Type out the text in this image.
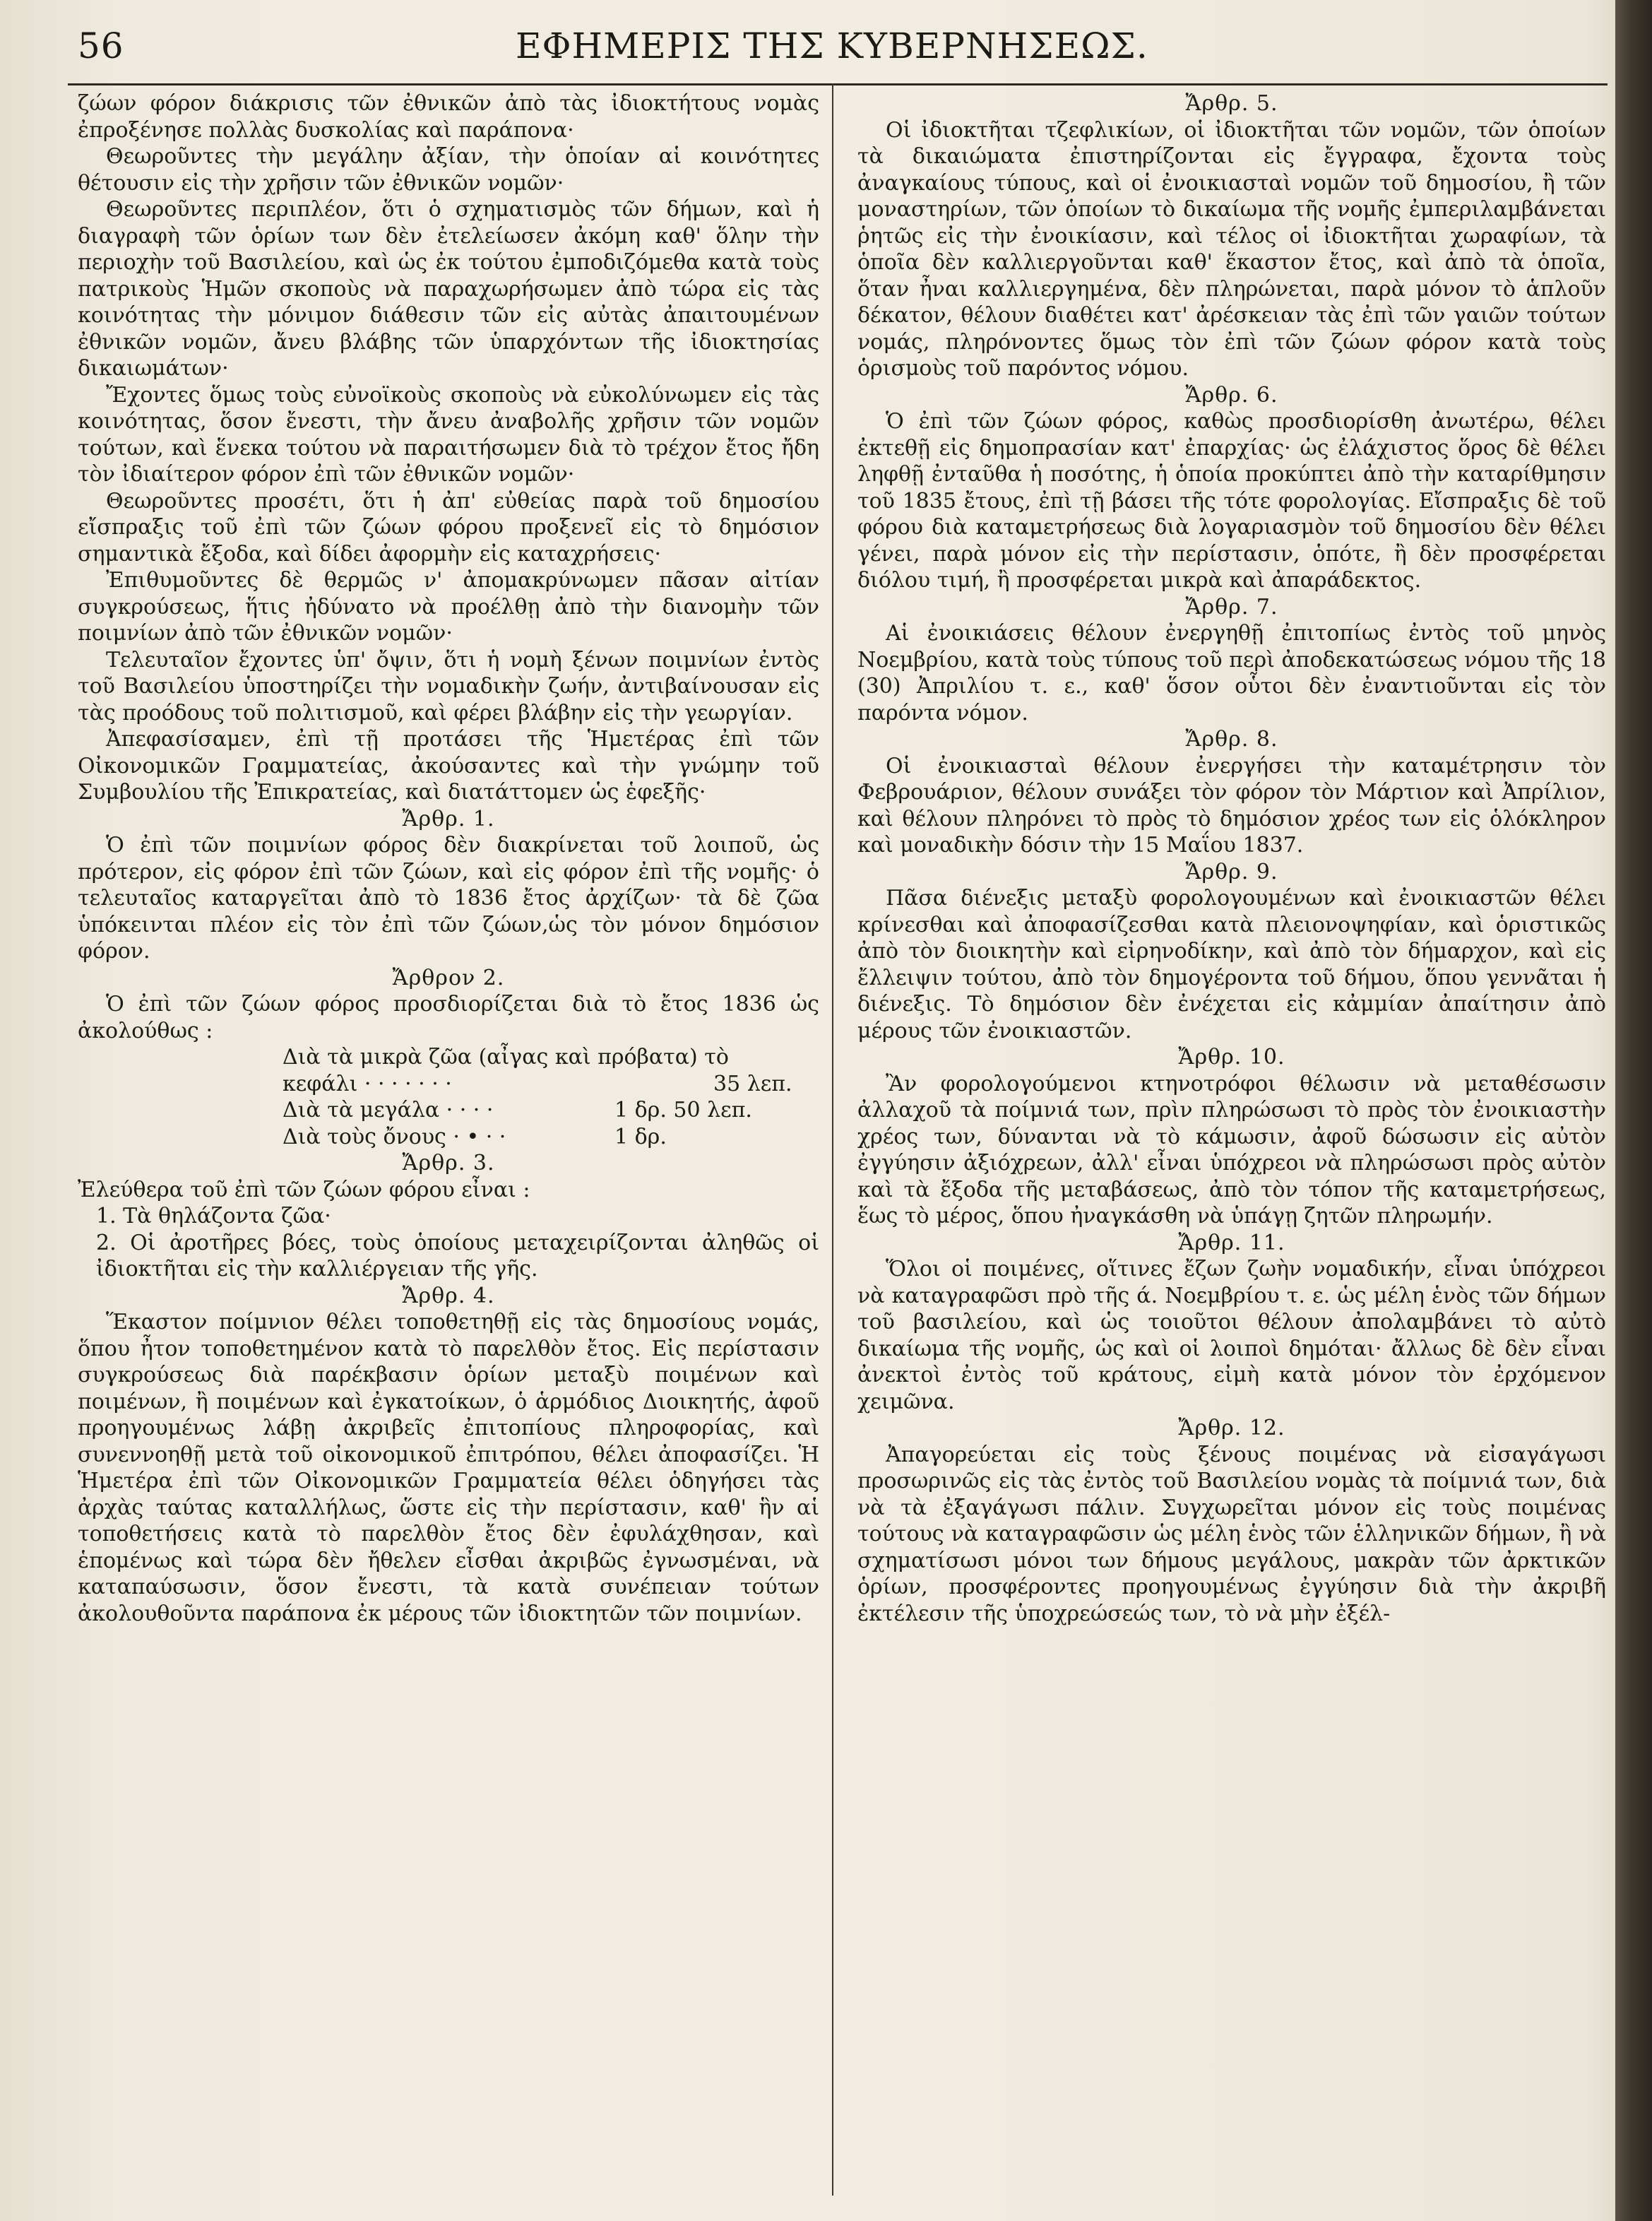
56	ΕΦΗΜΕΡΙΣ ΤΗΣ ΚΥΒΕΡΝΗΣΕΩΣ.

ζώων φόρον διάκρισις τῶν ἐθνικῶν ἀπὸ τὰς ἰδιοκτήτους νομὰς ἐπροξένησε πολλὰς δυσκολίας καὶ παράπονα·

Θεωροῦντες τὴν μεγάλην ἀξίαν, τὴν ὁποίαν αἱ κοινότητες θέτουσιν εἰς τὴν χρῆσιν τῶν ἐθνικῶν νομῶν·

Θεωροῦντες περιπλέον, ὅτι ὁ σχηματισμὸς τῶν δήμων, καὶ ἡ διαγραφὴ τῶν ὁρίων των δὲν ἐτελείωσεν ἀκόμη καθ' ὅλην τὴν περιοχὴν τοῦ Βασιλείου, καὶ ὡς ἐκ τούτου ἐμποδιζόμεθα κατὰ τοὺς πατρικοὺς Ἡμῶν σκοποὺς νὰ παραχωρήσωμεν ἀπὸ τώρα εἰς τὰς κοινότητας τὴν μόνιμον διάθεσιν τῶν εἰς αὐτὰς ἀπαιτουμένων ἐθνικῶν νομῶν, ἄνευ βλάβης τῶν ὑπαρχόντων τῆς ἰδιοκτησίας δικαιωμάτων·

Ἔχοντες ὅμως τοὺς εὐνοϊκοὺς σκοποὺς νὰ εὐκολύνωμεν εἰς τὰς κοινότητας, ὅσον ἔνεστι, τὴν ἄνευ ἀναβολῆς χρῆσιν τῶν νομῶν τούτων, καὶ ἕνεκα τούτου νὰ παραιτήσωμεν διὰ τὸ τρέχον ἔτος ἤδη τὸν ἰδιαίτερον φόρον ἐπὶ τῶν ἐθνικῶν νομῶν·

Θεωροῦντες προσέτι, ὅτι ἡ ἀπ' εὐθείας παρὰ τοῦ δημοσίου εἴσπραξις τοῦ ἐπὶ τῶν ζώων φόρου προξενεῖ εἰς τὸ δημόσιον σημαντικὰ ἔξοδα, καὶ δίδει ἀφορμὴν εἰς καταχρήσεις·

Ἐπιθυμοῦντες δὲ θερμῶς ν' ἀπομακρύνωμεν πᾶσαν αἰτίαν συγκρούσεως, ἥτις ἠδύνατο νὰ προέλθῃ ἀπὸ τὴν διανομὴν τῶν ποιμνίων ἀπὸ τῶν ἐθνικῶν νομῶν·

Τελευταῖον ἔχοντες ὑπ' ὄψιν, ὅτι ἡ νομὴ ξένων ποιμνίων ἐντὸς τοῦ Βασιλείου ὑποστηρίζει τὴν νομαδικὴν ζωήν, ἀντιβαίνουσαν εἰς τὰς προόδους τοῦ πολιτισμοῦ, καὶ φέρει βλάβην εἰς τὴν γεωργίαν.

Ἀπεφασίσαμεν, ἐπὶ τῇ προτάσει τῆς Ἡμετέρας ἐπὶ τῶν Οἰκονομικῶν Γραμματείας, ἀκούσαντες καὶ τὴν γνώμην τοῦ Συμβουλίου τῆς Ἐπικρατείας, καὶ διατάττομεν ὡς ἑφεξῆς·

Ἄρθρ. 1.

Ὁ ἐπὶ τῶν ποιμνίων φόρος δὲν διακρίνεται τοῦ λοιποῦ, ὡς πρότερον, εἰς φόρον ἐπὶ τῶν ζώων, καὶ εἰς φόρον ἐπὶ τῆς νομῆς· ὁ τελευταῖος καταργεῖται ἀπὸ τὸ 1836 ἔτος ἀρχίζων· τὰ δὲ ζῶα ὑπόκεινται πλέον εἰς τὸν ἐπὶ τῶν ζώων,ὡς τὸν μόνον δημόσιον φόρον.

Ἄρθρον 2.

Ὁ ἐπὶ τῶν ζώων φόρος προσδιορίζεται διὰ τὸ ἔτος 1836 ὡς ἀκολούθως :

Διὰ τὰ μικρὰ ζῶα (αἶγας καὶ πρόβατα) τὸ
κεφάλι · · · · · · ·	35 λεπ.
Διὰ τὰ μεγάλα · · · ·	1 δρ. 50 λεπ.
Διὰ τοὺς ὄνους · • · ·	1 δρ.

Ἄρθρ. 3.

Ἐλεύθερα τοῦ ἐπὶ τῶν ζώων φόρου εἶναι :

1. Τὰ θηλάζοντα ζῶα·

2. Οἱ ἀροτῆρες βόες, τοὺς ὁποίους μεταχειρίζονται ἀληθῶς οἱ ἰδιοκτῆται εἰς τὴν καλλιέργειαν τῆς γῆς.

Ἄρθρ. 4.

Ἕκαστον ποίμνιον θέλει τοποθετηθῇ εἰς τὰς δημοσίους νομάς, ὅπου ἦτον τοποθετημένον κατὰ τὸ παρελθὸν ἔτος. Εἰς περίστασιν συγκρούσεως διὰ παρέκβασιν ὁρίων μεταξὺ ποιμένων καὶ ποιμένων, ἢ ποιμένων καὶ ἐγκατοίκων, ὁ ἁρμόδιος Διοικητής, ἀφοῦ προηγουμένως λάβῃ ἀκριβεῖς ἐπιτοπίους πληροφορίας, καὶ συνεννοηθῇ μετὰ τοῦ οἰκονομικοῦ ἐπιτρόπου, θέλει ἀποφασίζει. Ἡ Ἡμετέρα ἐπὶ τῶν Οἰκονομικῶν Γραμματεία θέλει ὁδηγήσει τὰς ἀρχὰς ταύτας καταλλήλως, ὥστε εἰς τὴν περίστασιν, καθ' ἣν αἱ τοποθετήσεις κατὰ τὸ παρελθὸν ἔτος δὲν ἐφυλάχθησαν, καὶ ἑπομένως καὶ τώρα δὲν ἤθελεν εἶσθαι ἀκριβῶς ἐγνωσμέναι, νὰ καταπαύσωσιν, ὅσον ἔνεστι, τὰ κατὰ συνέπειαν τούτων ἀκολουθοῦντα παράπονα ἐκ μέρους τῶν ἰδιοκτητῶν τῶν ποιμνίων.

Ἄρθρ. 5.

Οἱ ἰδιοκτῆται τζεφλικίων, οἱ ἰδιοκτῆται τῶν νομῶν, τῶν ὁποίων τὰ δικαιώματα ἐπιστηρίζονται εἰς ἔγγραφα, ἔχοντα τοὺς ἀναγκαίους τύπους, καὶ οἱ ἐνοικιασταὶ νομῶν τοῦ δημοσίου, ἢ τῶν μοναστηρίων, τῶν ὁποίων τὸ δικαίωμα τῆς νομῆς ἐμπεριλαμβάνεται ῥητῶς εἰς τὴν ἐνοικίασιν, καὶ τέλος οἱ ἰδιοκτῆται χωραφίων, τὰ ὁποῖα δὲν καλλιεργοῦνται καθ' ἕκαστον ἔτος, καὶ ἀπὸ τὰ ὁποῖα, ὅταν ἦναι καλλιεργημένα, δὲν πληρώνεται, παρὰ μόνον τὸ ἁπλοῦν δέκατον, θέλουν διαθέτει κατ' ἀρέσκειαν τὰς ἐπὶ τῶν γαιῶν τούτων νομάς, πληρόνοντες ὅμως τὸν ἐπὶ τῶν ζώων φόρον κατὰ τοὺς ὁρισμοὺς τοῦ παρόντος νόμου.

Ἄρθρ. 6.

Ὁ ἐπὶ τῶν ζώων φόρος, καθὼς προσδιορίσθη ἀνωτέρω, θέλει ἐκτεθῇ εἰς δημοπρασίαν κατ' ἐπαρχίας· ὡς ἐλάχιστος ὅρος δὲ θέλει ληφθῇ ἐνταῦθα ἡ ποσότης, ἡ ὁποία προκύπτει ἀπὸ τὴν καταρίθμησιν τοῦ 1835 ἔτους, ἐπὶ τῇ βάσει τῆς τότε φορολογίας. Εἴσπραξις δὲ τοῦ φόρου διὰ καταμετρήσεως διὰ λογαριασμὸν τοῦ δημοσίου δὲν θέλει γένει, παρὰ μόνον εἰς τὴν περίστασιν, ὁπότε, ἢ δὲν προσφέρεται διόλου τιμή, ἢ προσφέρεται μικρὰ καὶ ἀπαράδεκτος.

Ἄρθρ. 7.

Αἱ ἐνοικιάσεις θέλουν ἐνεργηθῇ ἐπιτοπίως ἐντὸς τοῦ μηνὸς Νοεμβρίου, κατὰ τοὺς τύπους τοῦ περὶ ἀποδεκατώσεως νόμου τῆς 18 (30) Ἀπριλίου τ. ε., καθ' ὅσον οὗτοι δὲν ἐναντιοῦνται εἰς τὸν παρόντα νόμον.

Ἄρθρ. 8.

Οἱ ἐνοικιασταὶ θέλουν ἐνεργήσει τὴν καταμέτρησιν τὸν Φεβρουάριον, θέλουν συνάξει τὸν φόρον τὸν Μάρτιον καὶ Ἀπρίλιον, καὶ θέλουν πληρόνει τὸ πρὸς τὸ δημόσιον χρέος των εἰς ὁλόκληρον καὶ μοναδικὴν δόσιν τὴν 15 Μαΐου 1837.

Ἄρθρ. 9.

Πᾶσα διένεξις μεταξὺ φορολογουμένων καὶ ἐνοικιαστῶν θέλει κρίνεσθαι καὶ ἀποφασίζεσθαι κατὰ πλειονοψηφίαν, καὶ ὁριστικῶς ἀπὸ τὸν διοικητὴν καὶ εἰρηνοδίκην, καὶ ἀπὸ τὸν δήμαρχον, καὶ εἰς ἔλλειψιν τούτου, ἀπὸ τὸν δημογέροντα τοῦ δήμου, ὅπου γεννᾶται ἡ διένεξις. Τὸ δημόσιον δὲν ἐνέχεται εἰς κἀμμίαν ἀπαίτησιν ἀπὸ μέρους τῶν ἐνοικιαστῶν.

Ἄρθρ. 10.

Ἂν φορολογούμενοι κτηνοτρόφοι θέλωσιν νὰ μεταθέσωσιν ἀλλαχοῦ τὰ ποίμνιά των, πρὶν πληρώσωσι τὸ πρὸς τὸν ἐνοικιαστὴν χρέος των, δύνανται νὰ τὸ κάμωσιν, ἀφοῦ δώσωσιν εἰς αὐτὸν ἐγγύησιν ἀξιόχρεων, ἀλλ' εἶναι ὑπόχρεοι νὰ πληρώσωσι πρὸς αὐτὸν καὶ τὰ ἔξοδα τῆς μεταβάσεως, ἀπὸ τὸν τόπον τῆς καταμετρήσεως, ἕως τὸ μέρος, ὅπου ἠναγκάσθη νὰ ὑπάγῃ ζητῶν πληρωμήν.

Ἄρθρ. 11.

Ὅλοι οἱ ποιμένες, οἵτινες ἔζων ζωὴν νομαδικήν, εἶναι ὑπόχρεοι νὰ καταγραφῶσι πρὸ τῆς ά. Νοεμβρίου τ. ε. ὡς μέλη ἑνὸς τῶν δήμων τοῦ βασιλείου, καὶ ὡς τοιοῦτοι θέλουν ἀπολαμβάνει τὸ αὐτὸ δικαίωμα τῆς νομῆς, ὡς καὶ οἱ λοιποὶ δημόται· ἄλλως δὲ δὲν εἶναι ἀνεκτοὶ ἐντὸς τοῦ κράτους, εἰμὴ κατὰ μόνον τὸν ἐρχόμενον χειμῶνα.

Ἄρθρ. 12.

Ἀπαγορεύεται εἰς τοὺς ξένους ποιμένας νὰ εἰσαγάγωσι προσωρινῶς εἰς τὰς ἐντὸς τοῦ Βασιλείου νομὰς τὰ ποίμνιά των, διὰ νὰ τὰ ἐξαγάγωσι πάλιν. Συγχωρεῖται μόνον εἰς τοὺς ποιμένας τούτους νὰ καταγραφῶσιν ὡς μέλη ἑνὸς τῶν ἑλληνικῶν δήμων, ἢ νὰ σχηματίσωσι μόνοι των δήμους μεγάλους, μακρὰν τῶν ἀρκτικῶν ὁρίων, προσφέροντες προηγουμένως ἐγγύησιν διὰ τὴν ἀκριβῆ ἐκτέλεσιν τῆς ὑποχρεώσεώς των, τὸ νὰ μὴν ἐξέλ-
